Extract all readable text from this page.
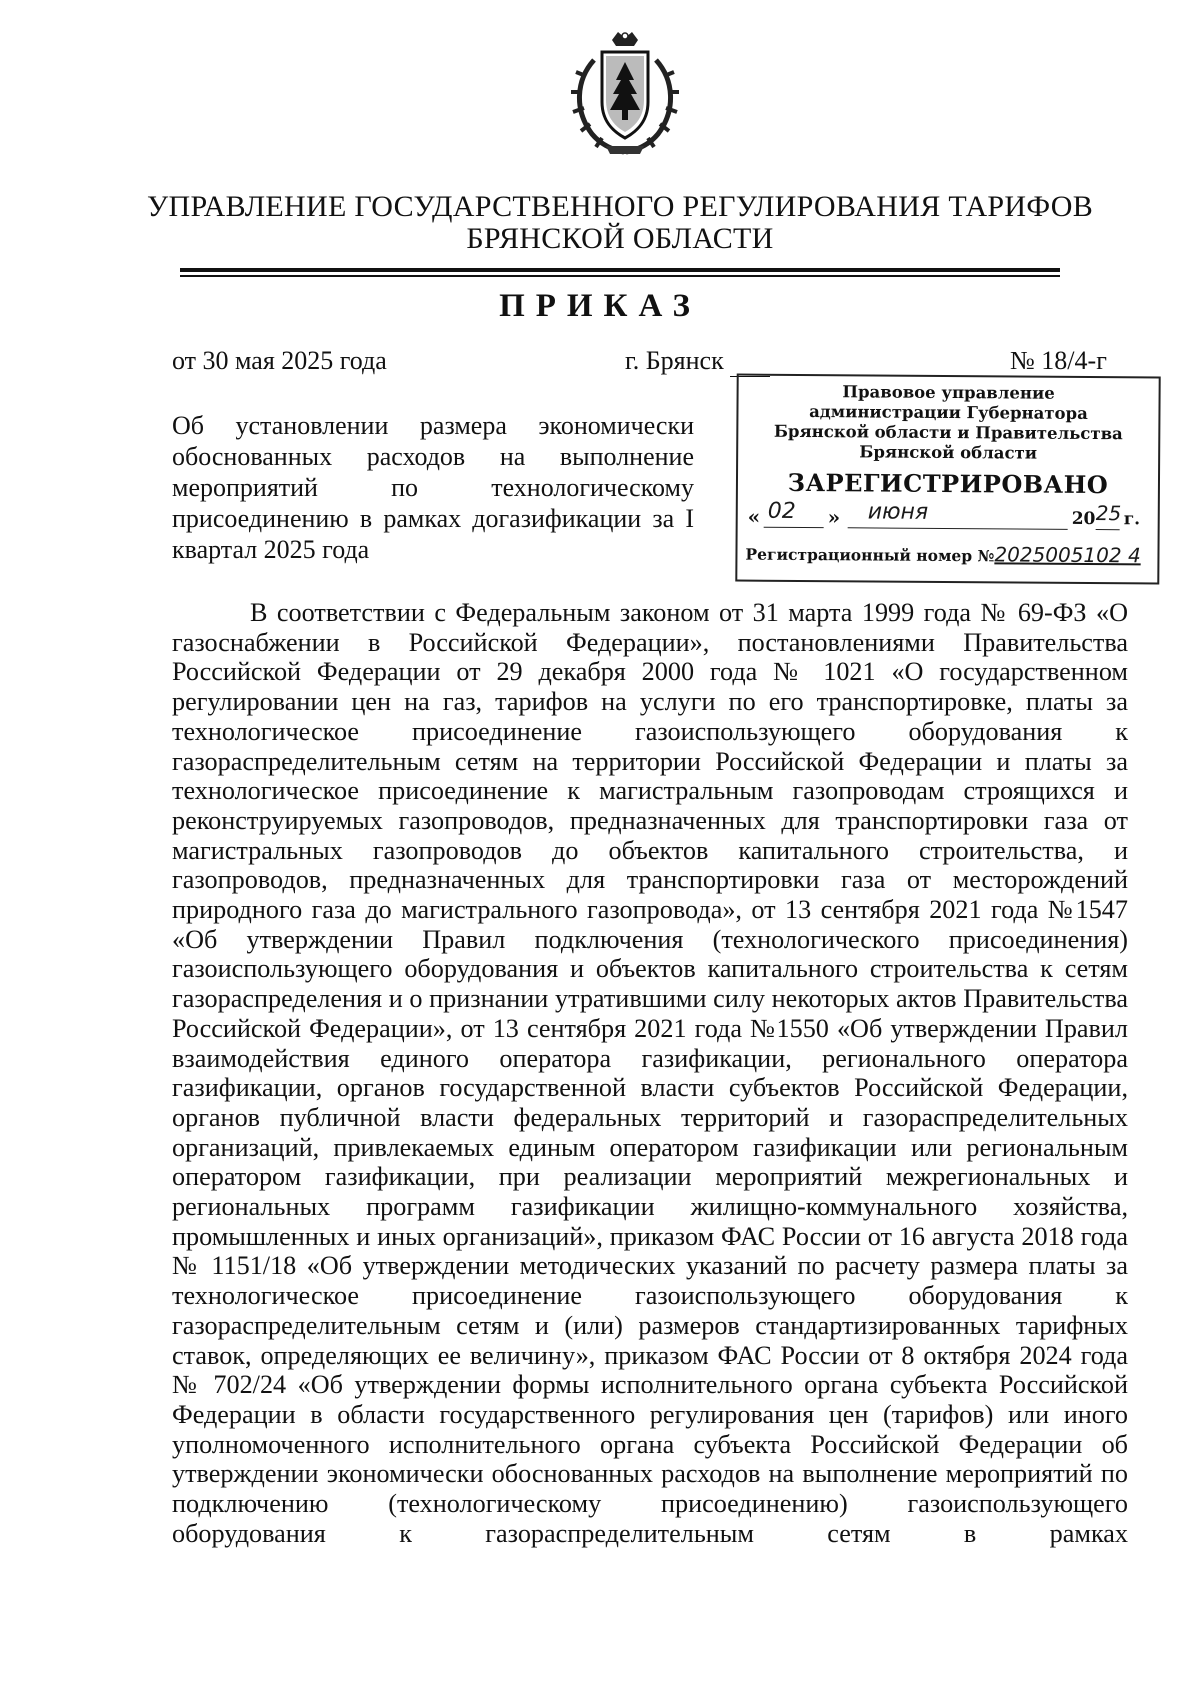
УПРАВЛЕНИЕ ГОСУДАРСТВЕННОГО РЕГУЛИРОВАНИЯ ТАРИФОВ
БРЯНСКОЙ ОБЛАСТИ
ПРИКАЗ
от 30 мая 2025 года	г. Брянск	№ 18/4-г

Об установлении размера экономически обоснованных расходов на выполнение мероприятий по технологическому присоединению в рамках догазификации за I квартал 2025 года

Правовое управление
администрации Губернатора
Брянской области и Правительства
Брянской области
ЗАРЕГИСТРИРОВАНО
« 02 » июня	20 25 г.
Регистрационный номер №2025005102 4

В соответствии с Федеральным законом от 31 марта 1999 года № 69-ФЗ «О газоснабжении в Российской Федерации», постановлениями Правительства Российской Федерации от 29 декабря 2000 года № 1021 «О государственном регулировании цен на газ, тарифов на услуги по его транспортировке, платы за технологическое присоединение газоиспользующего оборудования к газораспределительным сетям на территории Российской Федерации и платы за технологическое присоединение к магистральным газопроводам строящихся и реконструируемых газопроводов, предназначенных для транспортировки газа от магистральных газопроводов до объектов капитального строительства, и газопроводов, предназначенных для транспортировки газа от месторождений природного газа до магистрального газопровода», от 13 сентября 2021 года №1547 «Об утверждении Правил подключения (технологического присоединения) газоиспользующего оборудования и объектов капитального строительства к сетям газораспределения и о признании утратившими силу некоторых актов Правительства Российской Федерации», от 13 сентября 2021 года №1550 «Об утверждении Правил взаимодействия единого оператора газификации, регионального оператора газификации, органов государственной власти субъектов Российской Федерации, органов публичной власти федеральных территорий и газораспределительных организаций, привлекаемых единым оператором газификации или региональным оператором газификации, при реализации мероприятий межрегиональных и региональных программ газификации жилищно-коммунального хозяйства, промышленных и иных организаций», приказом ФАС России от 16 августа 2018 года № 1151/18 «Об утверждении методических указаний по расчету размера платы за технологическое присоединение газоиспользующего оборудования к газораспределительным сетям и (или) размеров стандартизированных тарифных ставок, определяющих ее величину», приказом ФАС России от 8 октября 2024 года № 702/24 «Об утверждении формы исполнительного органа субъекта Российской Федерации в области государственного регулирования цен (тарифов) или иного уполномоченного исполнительного органа субъекта Российской Федерации об утверждении экономически обоснованных расходов на выполнение мероприятий по подключению (технологическому присоединению) газоиспользующего оборудования к газораспределительным сетям в рамках
